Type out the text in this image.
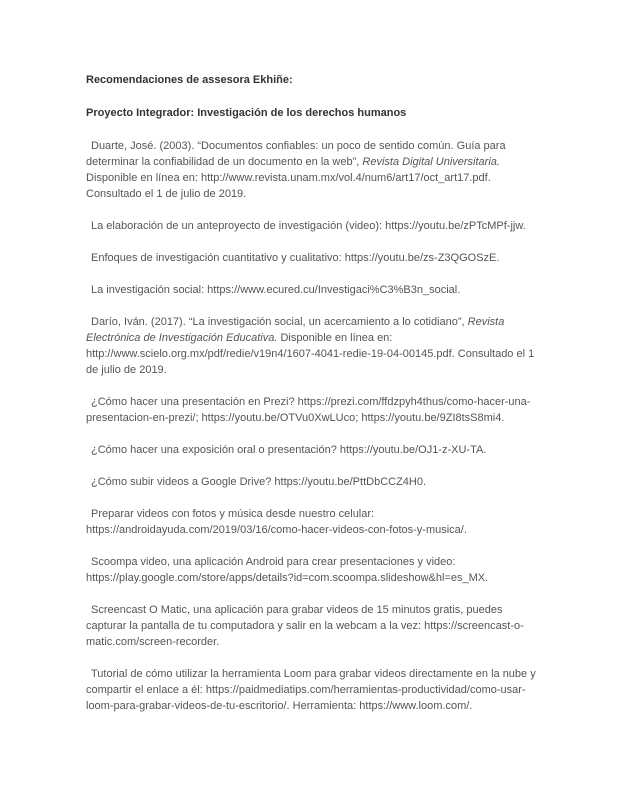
Recomendaciones de assesora Ekhiñe:

Proyecto Integrador: Investigación de los derechos humanos

Duarte, José. (2003). “Documentos confiables: un poco de sentido común. Guía para determinar la confiabilidad de un documento en la web”, Revista Digital Universitaria. Disponible en línea en: http://www.revista.unam.mx/vol.4/num6/art17/oct_art17.pdf. Consultado el 1 de julio de 2019.

La elaboración de un anteproyecto de investigación (video): https://youtu.be/zPTcMPf-jjw.

Enfoques de investigación cuantitativo y cualitativo: https://youtu.be/zs-Z3QGOSzE.

La investigación social: https://www.ecured.cu/Investigaci%C3%B3n_social.

Darío, Iván. (2017). “La investigación social, un acercamiento a lo cotidiano”, Revista Electrónica de Investigación Educativa. Disponible en línea en: http://www.scielo.org.mx/pdf/redie/v19n4/1607-4041-redie-19-04-00145.pdf. Consultado el 1 de julio de 2019.

¿Cómo hacer una presentación en Prezi? https://prezi.com/ffdzpyh4thus/como-hacer-una-presentacion-en-prezi/; https://youtu.be/OTVu0XwLUco; https://youtu.be/9ZI8tsS8mi4.

¿Cómo hacer una exposición oral o presentación? https://youtu.be/OJ1-z-XU-TA.

¿Cómo subir videos a Google Drive? https://youtu.be/PttDbCCZ4H0.

Preparar videos con fotos y música desde nuestro celular: https://androidayuda.com/2019/03/16/como-hacer-videos-con-fotos-y-musica/.

Scoompa video, una aplicación Android para crear presentaciones y video: https://play.google.com/store/apps/details?id=com.scoompa.slideshow&hl=es_MX.

Screencast O Matic, una aplicación para grabar videos de 15 minutos gratis, puedes capturar la pantalla de tu computadora y salir en la webcam a la vez: https://screencast-o-matic.com/screen-recorder.

Tutorial de cómo utilizar la herramienta Loom para grabar videos directamente en la nube y compartir el enlace a él: https://paidmediatips.com/herramientas-productividad/como-usar-loom-para-grabar-videos-de-tu-escritorio/. Herramienta: https://www.loom.com/.
